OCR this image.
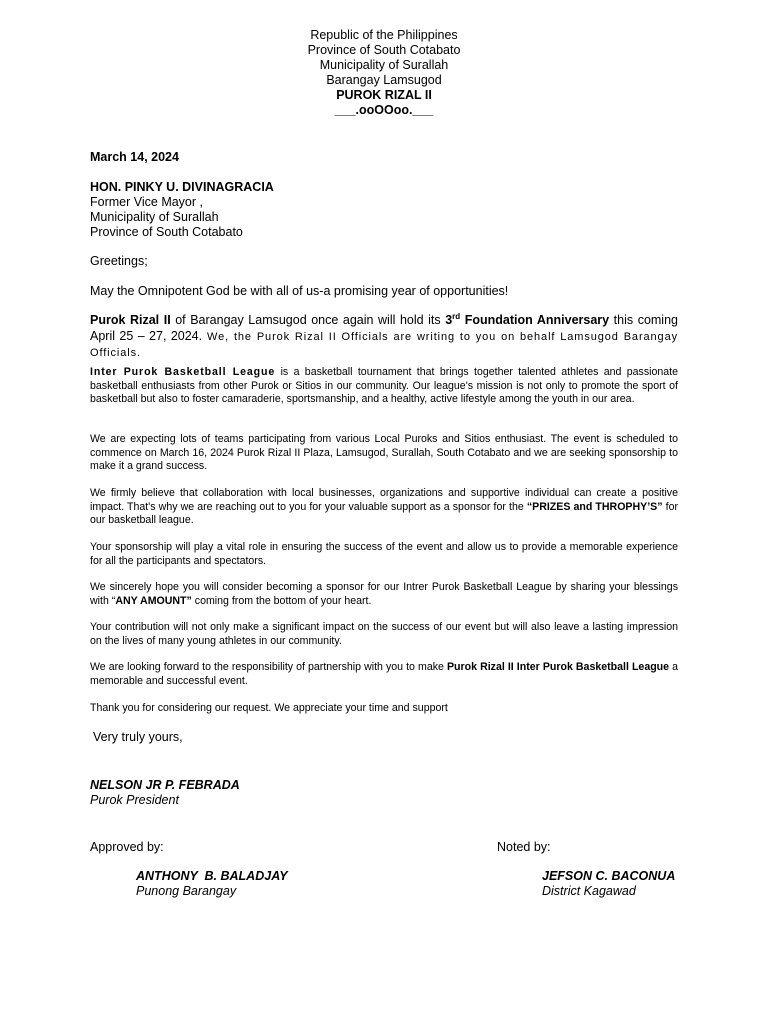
Republic of the Philippines
Province of South Cotabato
Municipality of Surallah
Barangay Lamsugod
PUROK RIZAL II
___.ooOOoo.___
March 14, 2024
HON. PINKY U. DIVINAGRACIA
Former Vice Mayor ,
Municipality of Surallah
Province of South Cotabato
Greetings;
May the Omnipotent God be with all of us-a promising year of opportunities!
Purok Rizal II of Barangay Lamsugod once again will hold its 3rd Foundation Anniversary this coming April 25 – 27, 2024. We, the Purok Rizal II Officials are writing to you on behalf Lamsugod Barangay Officials.
Inter Purok Basketball League is a basketball tournament that brings together talented athletes and passionate basketball enthusiasts from other Purok or Sitios in our community. Our league's mission is not only to promote the sport of basketball but also to foster camaraderie, sportsmanship, and a healthy, active lifestyle among the youth in our area.
We are expecting lots of teams participating from various Local Puroks and Sitios enthusiast. The event is scheduled to commence on March 16, 2024 Purok Rizal II Plaza, Lamsugod, Surallah, South Cotabato and we are seeking sponsorship to make it a grand success.
We firmly believe that collaboration with local businesses, organizations and supportive individual can create a positive impact. That's why we are reaching out to you for your valuable support as a sponsor for the “PRIZES and THROPHY’S” for our basketball league.
Your sponsorship will play a vital role in ensuring the success of the event and allow us to provide a memorable experience for all the participants and spectators.
We sincerely hope you will consider becoming a sponsor for our Intrer Purok Basketball League by sharing your blessings with “ANY AMOUNT” coming from the bottom of your heart.
Your contribution will not only make a significant impact on the success of our event but will also leave a lasting impression on the lives of many young athletes in our community.
We are looking forward to the responsibility of partnership with you to make Purok Rizal II Inter Purok Basketball League a memorable and successful event.
Thank you for considering our request. We appreciate your time and support
Very truly yours,
NELSON JR P. FEBRADA
Purok President
Approved by:
ANTHONY  B. BALADJAY
Punong Barangay
Noted by:
JEFSON C. BACONUA
District Kagawad
